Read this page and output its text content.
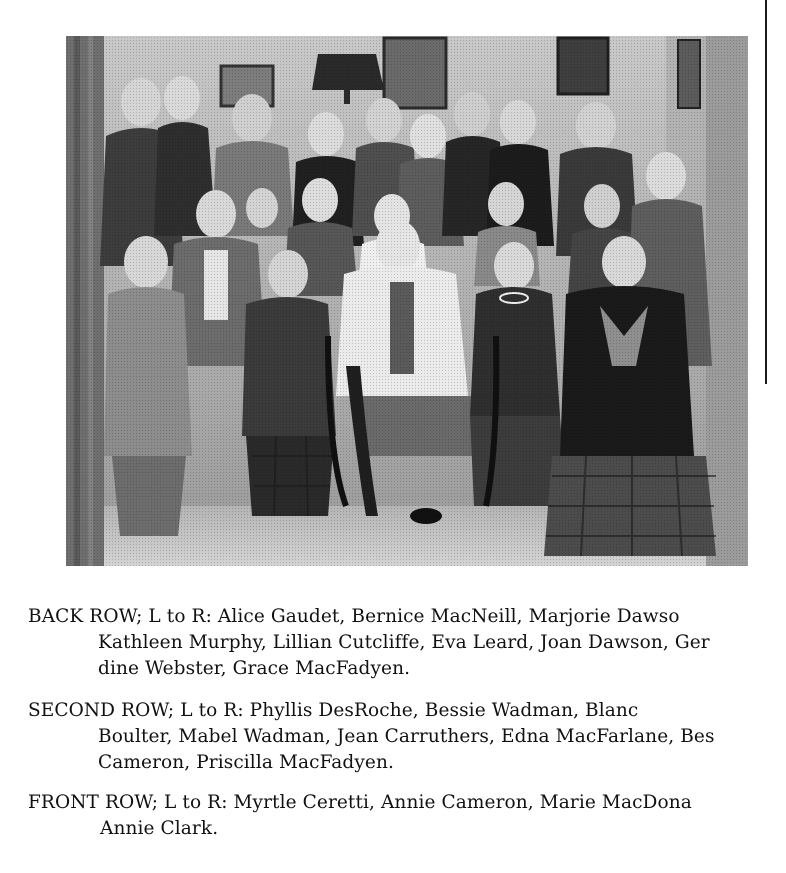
BACK ROW; L to R: Alice Gaudet, Bernice MacNeill, Marjorie Dawso
Kathleen Murphy, Lillian Cutcliffe, Eva Leard, Joan Dawson, Ger
dine Webster, Grace MacFadyen.
SECOND ROW; L to R: Phyllis DesRoche, Bessie Wadman, Blanc
Boulter, Mabel Wadman, Jean Carruthers, Edna MacFarlane, Bes
Cameron, Priscilla MacFadyen.
FRONT ROW; L to R: Myrtle Ceretti, Annie Cameron, Marie MacDona
Annie Clark.
